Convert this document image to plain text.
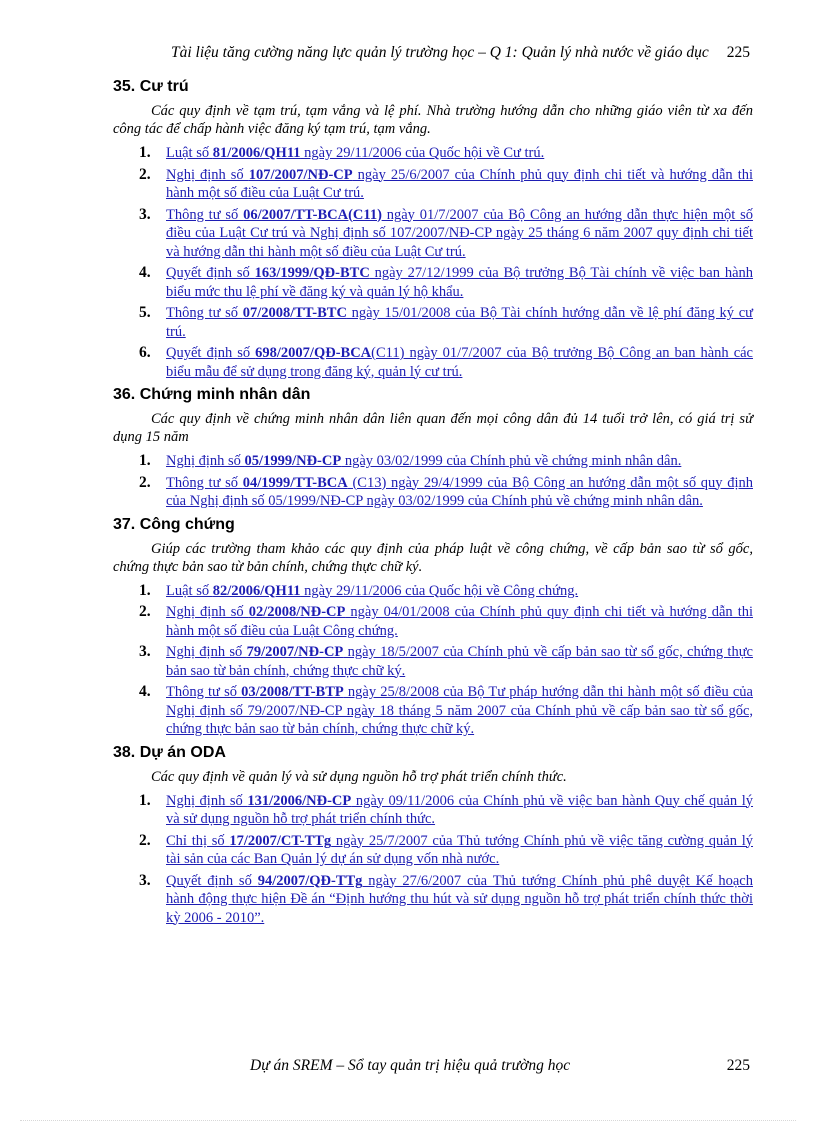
Tài liệu tăng cường năng lực quản lý trường học – Q 1: Quản lý nhà nước về giáo dục 225
35. Cư trú

Các quy định về tạm trú, tạm vắng và lệ phí. Nhà trường hướng dẫn cho những giáo viên từ xa đến công tác để chấp hành việc đăng ký tạm trú, tạm vắng.

1. Luật số 81/2006/QH11 ngày 29/11/2006 của Quốc hội về Cư trú.
2. Nghị định số 107/2007/NĐ-CP ngày 25/6/2007 của Chính phủ quy định chi tiết và hướng dẫn thi hành một số điều của Luật Cư trú.
3. Thông tư số 06/2007/TT-BCA(C11) ngày 01/7/2007 của Bộ Công an hướng dẫn thực hiện một số điều của Luật Cư trú và Nghị định số 107/2007/NĐ-CP ngày 25 tháng 6 năm 2007 quy định chi tiết và hướng dẫn thi hành một số điều của Luật Cư trú.
4. Quyết định số 163/1999/QĐ-BTC ngày 27/12/1999 của Bộ trưởng Bộ Tài chính về việc ban hành biểu mức thu lệ phí về đăng ký và quản lý hộ khẩu.
5. Thông tư số 07/2008/TT-BTC ngày 15/01/2008 của Bộ Tài chính hướng dẫn về lệ phí đăng ký cư trú.
6. Quyết định số 698/2007/QĐ-BCA(C11) ngày 01/7/2007 của Bộ trưởng Bộ Công an ban hành các biểu mẫu để sử dụng trong đăng ký, quản lý cư trú.
36. Chứng minh nhân dân

Các quy định về chứng minh nhân dân liên quan đến mọi công dân đủ 14 tuổi trở lên, có giá trị sử dụng 15 năm

1. Nghị định số 05/1999/NĐ-CP ngày 03/02/1999 của Chính phủ về chứng minh nhân dân.
2. Thông tư số 04/1999/TT-BCA (C13) ngày 29/4/1999 của Bộ Công an hướng dẫn một số quy định của Nghị định số 05/1999/NĐ-CP ngày 03/02/1999 của Chính phủ về chứng minh nhân dân.
37. Công chứng

Giúp các trường tham khảo các quy định của pháp luật về công chứng, về cấp bản sao từ sổ gốc, chứng thực bản sao từ bản chính, chứng thực chữ ký.

1. Luật số 82/2006/QH11 ngày 29/11/2006 của Quốc hội về Công chứng.
2. Nghị định số 02/2008/NĐ-CP ngày 04/01/2008 của Chính phủ quy định chi tiết và hướng dẫn thi hành một số điều của Luật Công chứng.
3. Nghị định số 79/2007/NĐ-CP ngày 18/5/2007 của Chính phủ về cấp bản sao từ sổ gốc, chứng thực bản sao từ bản chính, chứng thực chữ ký.
4. Thông tư số 03/2008/TT-BTP ngày 25/8/2008 của Bộ Tư pháp hướng dẫn thi hành một số điều của Nghị định số 79/2007/NĐ-CP ngày 18 tháng 5 năm 2007 của Chính phủ về cấp bản sao từ sổ gốc, chứng thực bản sao từ bản chính, chứng thực chữ ký.
38. Dự án ODA

Các quy định về quản lý và sử dụng nguồn hỗ trợ phát triển chính thức.

1. Nghị định số 131/2006/NĐ-CP ngày 09/11/2006 của Chính phủ về việc ban hành Quy chế quản lý và sử dụng nguồn hỗ trợ phát triển chính thức.
2. Chỉ thị số 17/2007/CT-TTg ngày 25/7/2007 của Thủ tướng Chính phủ về việc tăng cường quản lý tài sản của các Ban Quản lý dự án sử dụng vốn nhà nước.
3. Quyết định số 94/2007/QĐ-TTg ngày 27/6/2007 của Thủ tướng Chính phủ phê duyệt Kế hoạch hành động thực hiện Đề án “Định hướng thu hút và sử dụng nguồn hỗ trợ phát triển chính thức thời kỳ 2006 - 2010”.
Dự án SREM – Sổ tay quản trị hiệu quả trường học	225
